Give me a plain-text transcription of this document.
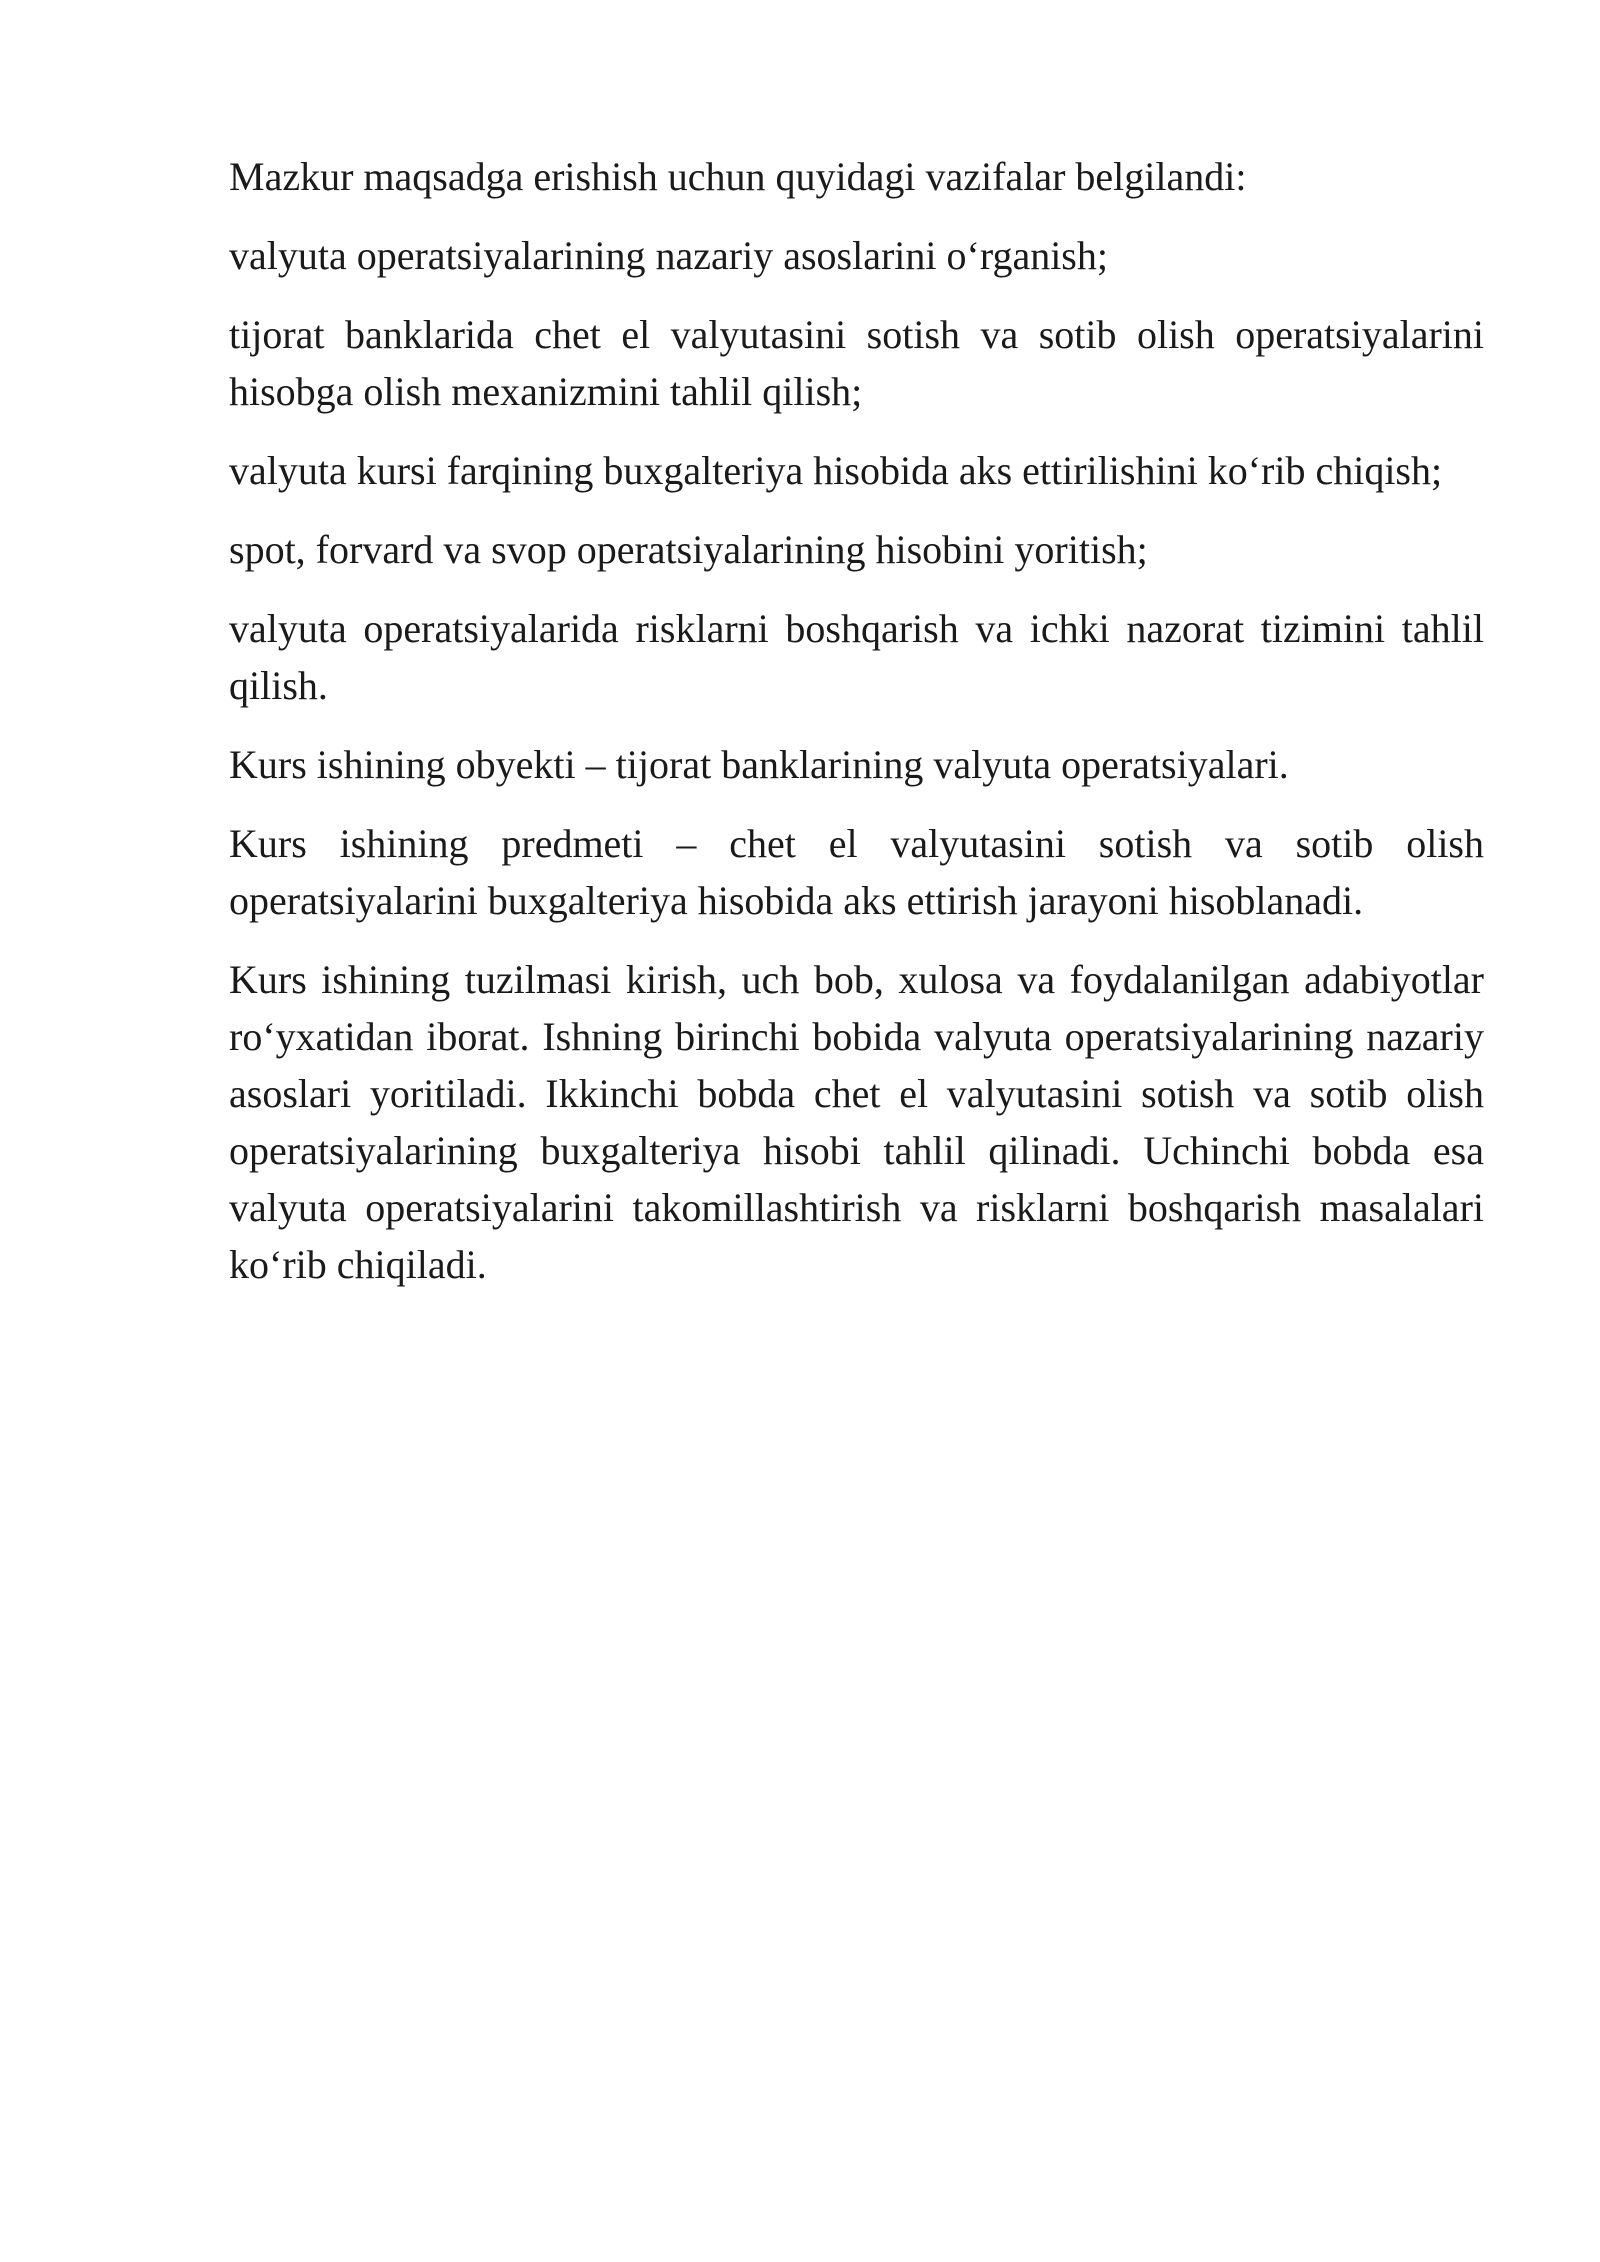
Mazkur maqsadga erishish uchun quyidagi vazifalar belgilandi:

valyuta operatsiyalarining nazariy asoslarini o‘rganish;

tijorat banklarida chet el valyutasini sotish va sotib olish operatsiyalarini hisobga olish mexanizmini tahlil qilish;

valyuta kursi farqining buxgalteriya hisobida aks ettirilishini ko‘rib chiqish;

spot, forvard va svop operatsiyalarining hisobini yoritish;

valyuta operatsiyalarida risklarni boshqarish va ichki nazorat tizimini tahlil qilish.

Kurs ishining obyekti – tijorat banklarining valyuta operatsiyalari.

Kurs ishining predmeti – chet el valyutasini sotish va sotib olish operatsiyalarini buxgalteriya hisobida aks ettirish jarayoni hisoblanadi.

Kurs ishining tuzilmasi kirish, uch bob, xulosa va foydalanilgan adabiyotlar ro‘yxatidan iborat. Ishning birinchi bobida valyuta operatsiyalarining nazariy asoslari yoritiladi. Ikkinchi bobda chet el valyutasini sotish va sotib olish operatsiyalarining buxgalteriya hisobi tahlil qilinadi. Uchinchi bobda esa valyuta operatsiyalarini takomillashtirish va risklarni boshqarish masalalari ko‘rib chiqiladi.
